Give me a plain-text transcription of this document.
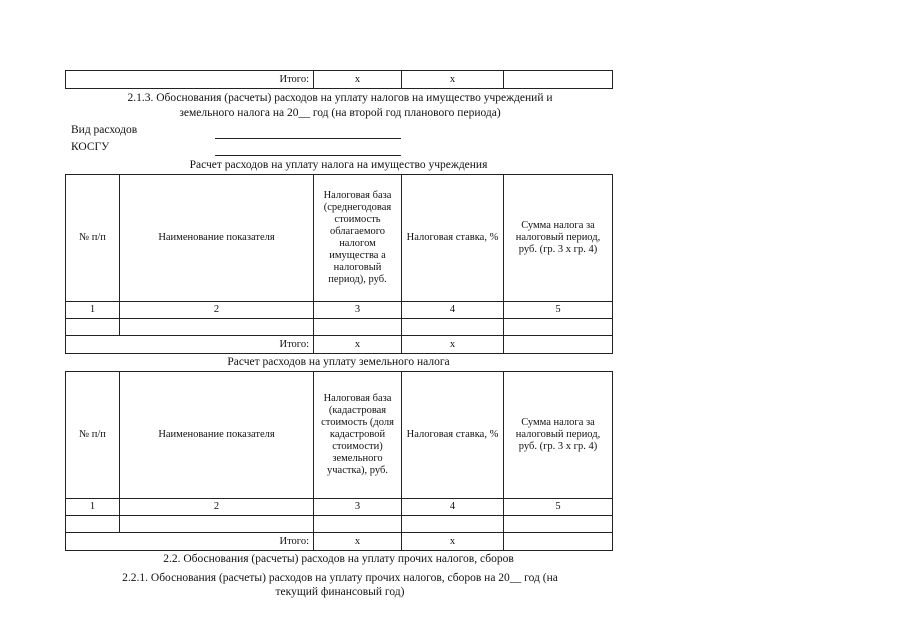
Итого:	x	x	
2.1.3. Обоснования (расчеты) расходов на уплату налогов на имущество учреждений и
земельного налога на 20__ год (на второй год планового периода)
Вид расходов
КОСГУ
Расчет расходов на уплату налога на имущество учреждения
№ п/п	Наименование показателя	Налоговая база (среднегодовая стоимость облагаемого налогом имущества а налоговый период), руб.	Налоговая ставка, %	Сумма налога за налоговый период, руб. (гр. 3 х гр. 4)
1	2	3	4	5

Итого:		x	x	
Расчет расходов на уплату земельного налога
№ п/п	Наименование показателя	Налоговая база (кадастровая стоимость (доля кадастровой стоимости) земельного участка), руб.	Налоговая ставка, %	Сумма налога за налоговый период, руб. (гр. 3 х гр. 4)
1	2	3	4	5

Итого:		x	x	
2.2. Обоснования (расчеты) расходов на уплату прочих налогов, сборов
2.2.1. Обоснования (расчеты) расходов на уплату прочих налогов, сборов на 20__ год (на
текущий финансовый год)
